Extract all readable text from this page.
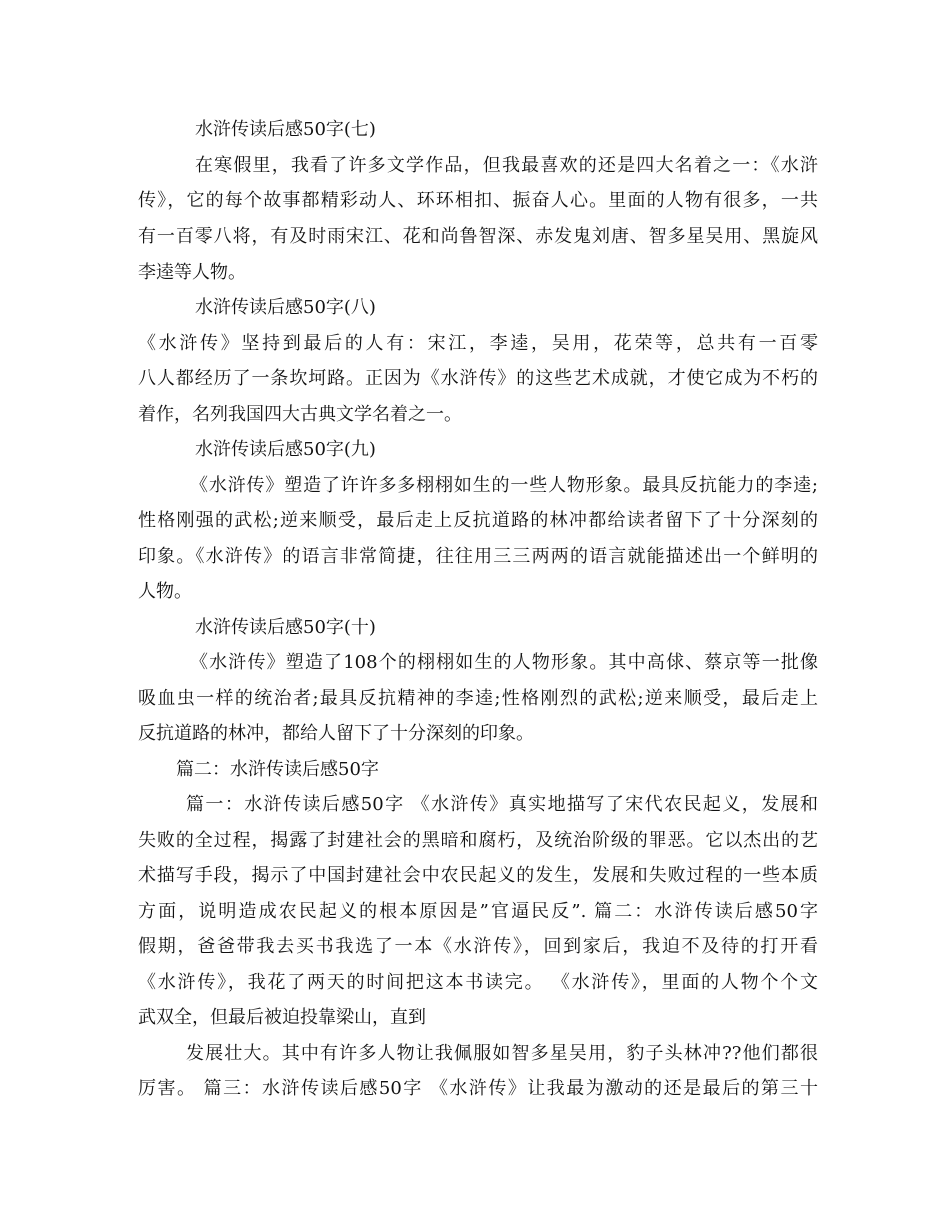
水浒传读后感50字(七)
在寒假里，我看了许多文学作品，但我最喜欢的还是四大名着之一：《水浒
传》，它的每个故事都精彩动人、环环相扣、振奋人心。里面的人物有很多，一共
有一百零八将，有及时雨宋江、花和尚鲁智深、赤发鬼刘唐、智多星吴用、黑旋风
李逵等人物。
水浒传读后感50字(八)
《水浒传》坚持到最后的人有：宋江，李逵，吴用，花荣等，总共有一百零
八人都经历了一条坎坷路。正因为《水浒传》的这些艺术成就，才使它成为不朽的
着作，名列我国四大古典文学名着之一。
水浒传读后感50字(九)
《水浒传》塑造了许许多多栩栩如生的一些人物形象。最具反抗能力的李逵;
性格刚强的武松;逆来顺受，最后走上反抗道路的林冲都给读者留下了十分深刻的
印象。《水浒传》的语言非常简捷，往往用三三两两的语言就能描述出一个鲜明的
人物。
水浒传读后感50字(十)
《水浒传》塑造了108个的栩栩如生的人物形象。其中高俅、蔡京等一批像
吸血虫一样的统治者;最具反抗精神的李逵;性格刚烈的武松;逆来顺受，最后走上
反抗道路的林冲，都给人留下了十分深刻的印象。
篇二：水浒传读后感50字
篇一：水浒传读后感50字 《水浒传》真实地描写了宋代农民起义，发展和
失败的全过程，揭露了封建社会的黑暗和腐朽，及统治阶级的罪恶。它以杰出的艺
术描写手段，揭示了中国封建社会中农民起义的发生，发展和失败过程的一些本质
方面，说明造成农民起义的根本原因是”官逼民反”. 篇二：水浒传读后感50字
假期，爸爸带我去买书我选了一本《水浒传》，回到家后，我迫不及待的打开看
《水浒传》，我花了两天的时间把这本书读完。 《水浒传》，里面的人物个个文
武双全，但最后被迫投靠梁山，直到
发展壮大。其中有许多人物让我佩服如智多星吴用，豹子头林冲??他们都很
厉害。 篇三：水浒传读后感50字 《水浒传》让我最为激动的还是最后的第三十
